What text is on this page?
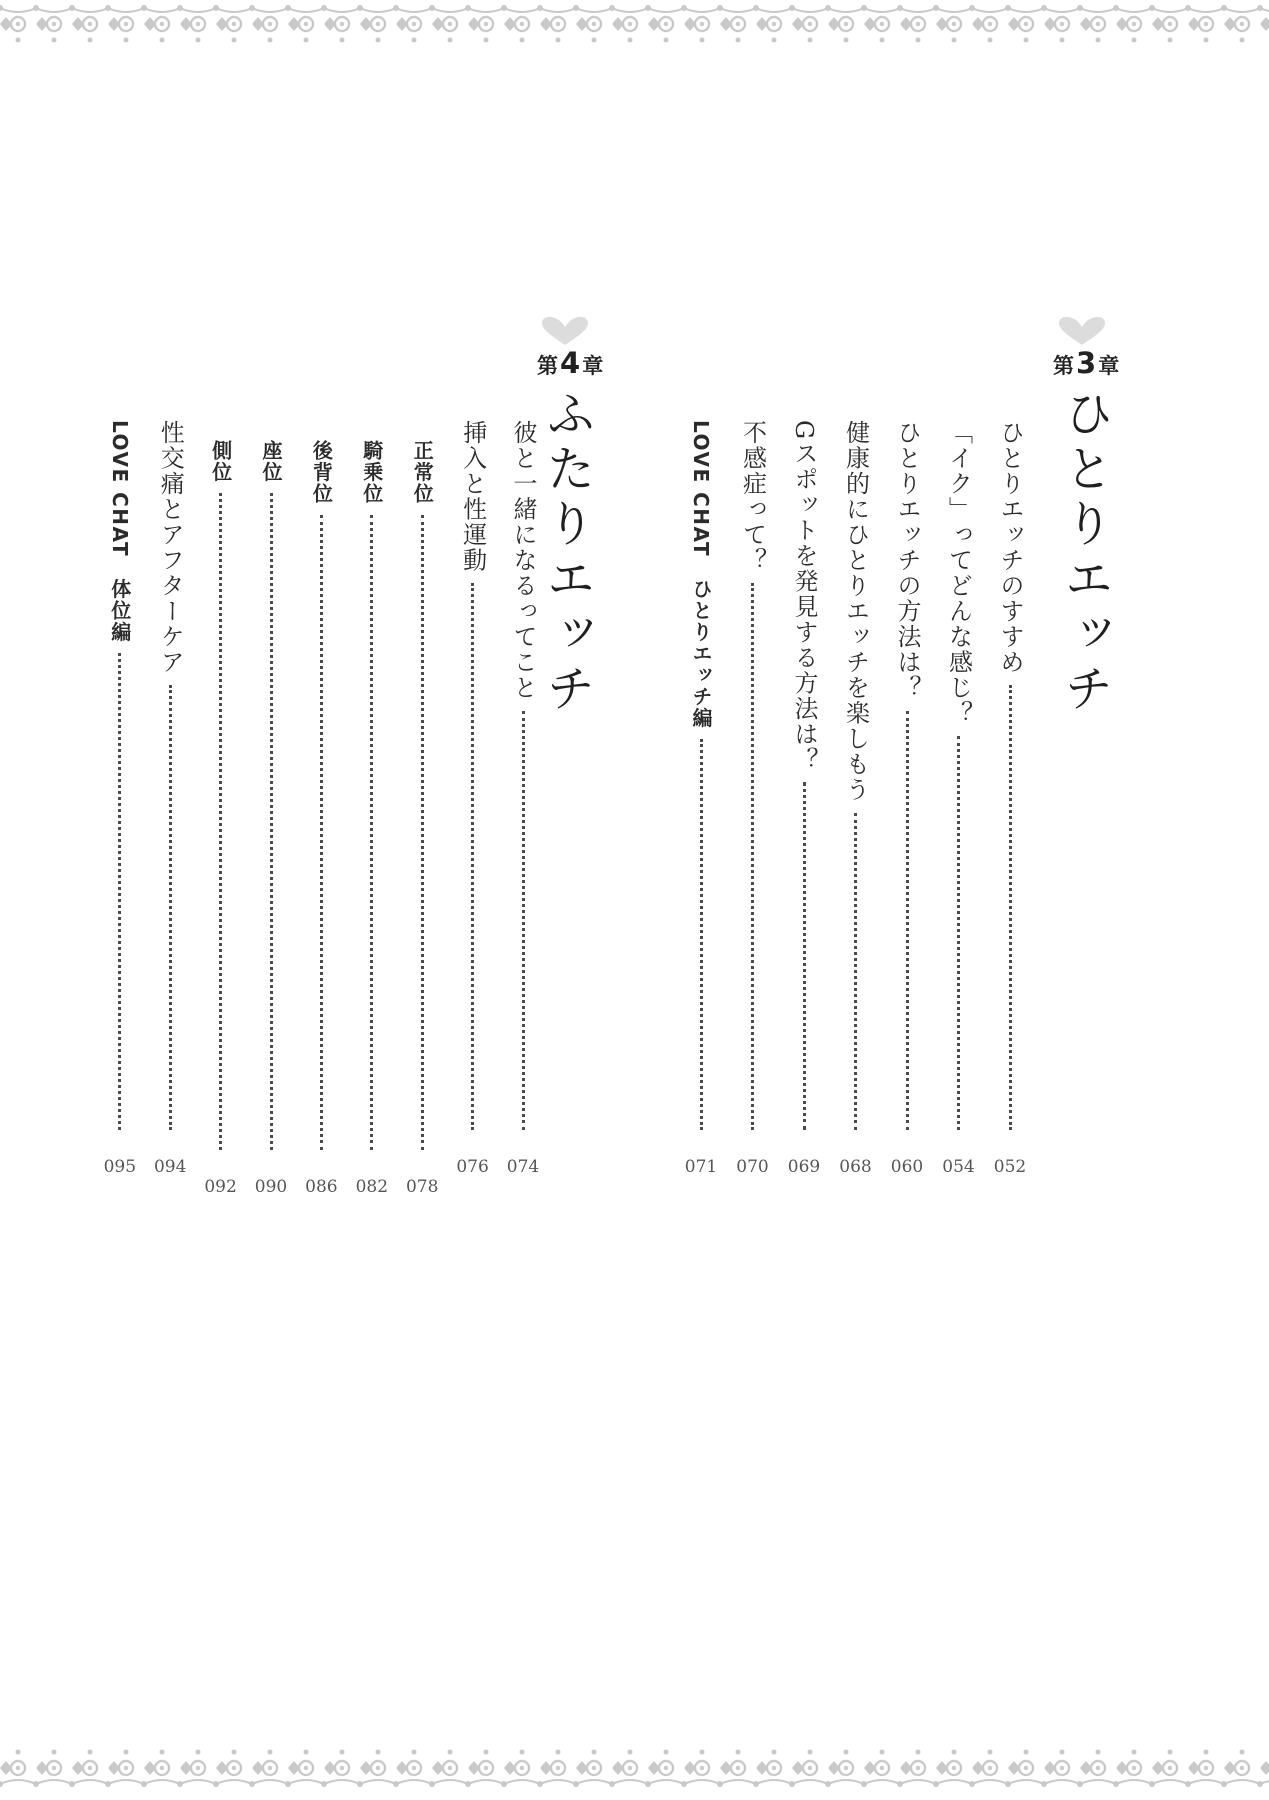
第 3 章
ひとりエッチ
ひとりエッチのすすめ
052
「イク」ってどんな感じ？
054
ひとりエッチの方法は？
060
健康的にひとりエッチを楽しもう
068
Gスポットを発見する方法は？
069
不感症って？
070
LOVE CHAT　ひとりエッチ編
071
第 4 章
ふたりエッチ
彼と一緒になるってこと
074
挿入と性運動
076
正常位
078
騎乗位
082
後背位
086
座位
090
側位
092
性交痛とアフターケア
094
LOVE CHAT　体位編
095
